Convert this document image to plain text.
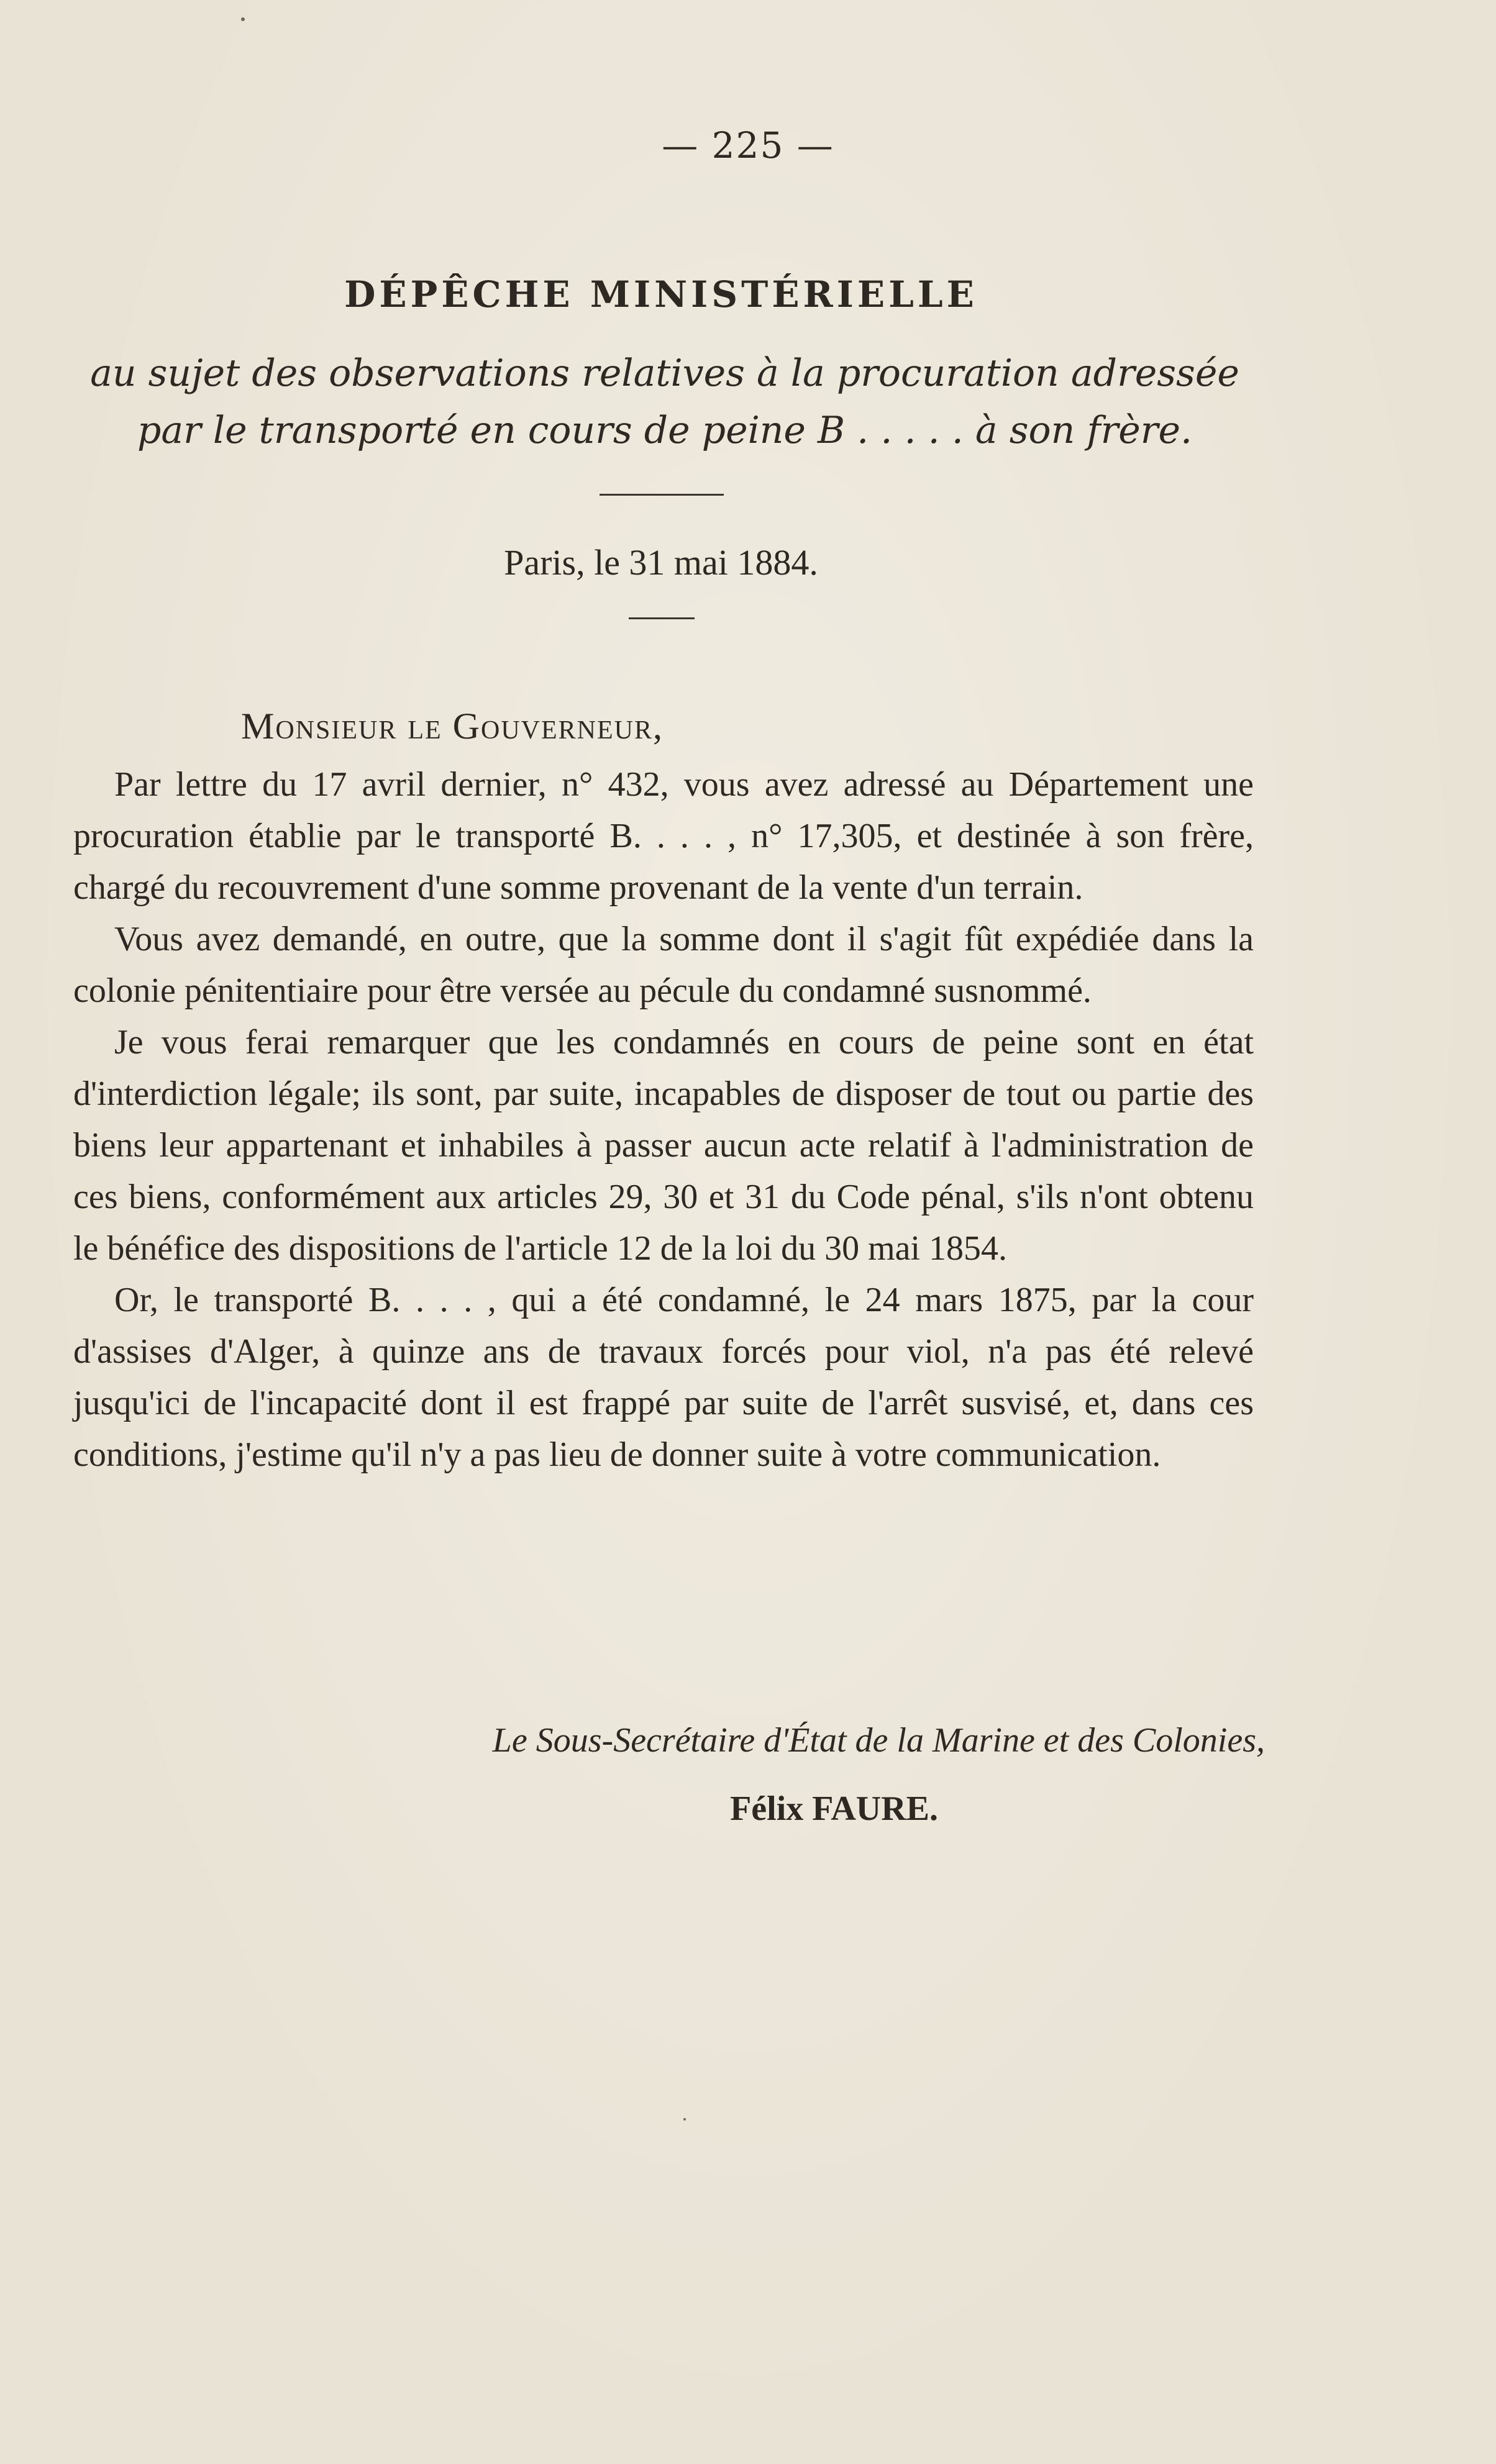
— 225 —
DÉPÊCHE MINISTÉRIELLE
au sujet des observations relatives à la procuration adressée par le transporté en cours de peine B . . . . . à son frère.
Paris, le 31 mai 1884.
Monsieur le Gouverneur,

Par lettre du 17 avril dernier, n° 432, vous avez adressé au Département une procuration établie par le transporté B. . . . , n° 17,305, et destinée à son frère, chargé du recouvrement d'une somme provenant de la vente d'un terrain.

Vous avez demandé, en outre, que la somme dont il s'agit fût expédiée dans la colonie pénitentiaire pour être versée au pécule du condamné susnommé.

Je vous ferai remarquer que les condamnés en cours de peine sont en état d'interdiction légale; ils sont, par suite, incapables de disposer de tout ou partie des biens leur appartenant et inhabiles à passer aucun acte relatif à l'administration de ces biens, conformément aux articles 29, 30 et 31 du Code pénal, s'ils n'ont obtenu le bénéfice des dispositions de l'article 12 de la loi du 30 mai 1854.

Or, le transporté B. . . . , qui a été condamné, le 24 mars 1875, par la cour d'assises d'Alger, à quinze ans de travaux forcés pour viol, n'a pas été relevé jusqu'ici de l'incapacité dont il est frappé par suite de l'arrêt susvisé, et, dans ces conditions, j'estime qu'il n'y a pas lieu de donner suite à votre communication.

Le Sous-Secrétaire d'État de la Marine et des Colonies,
Félix FAURE.
